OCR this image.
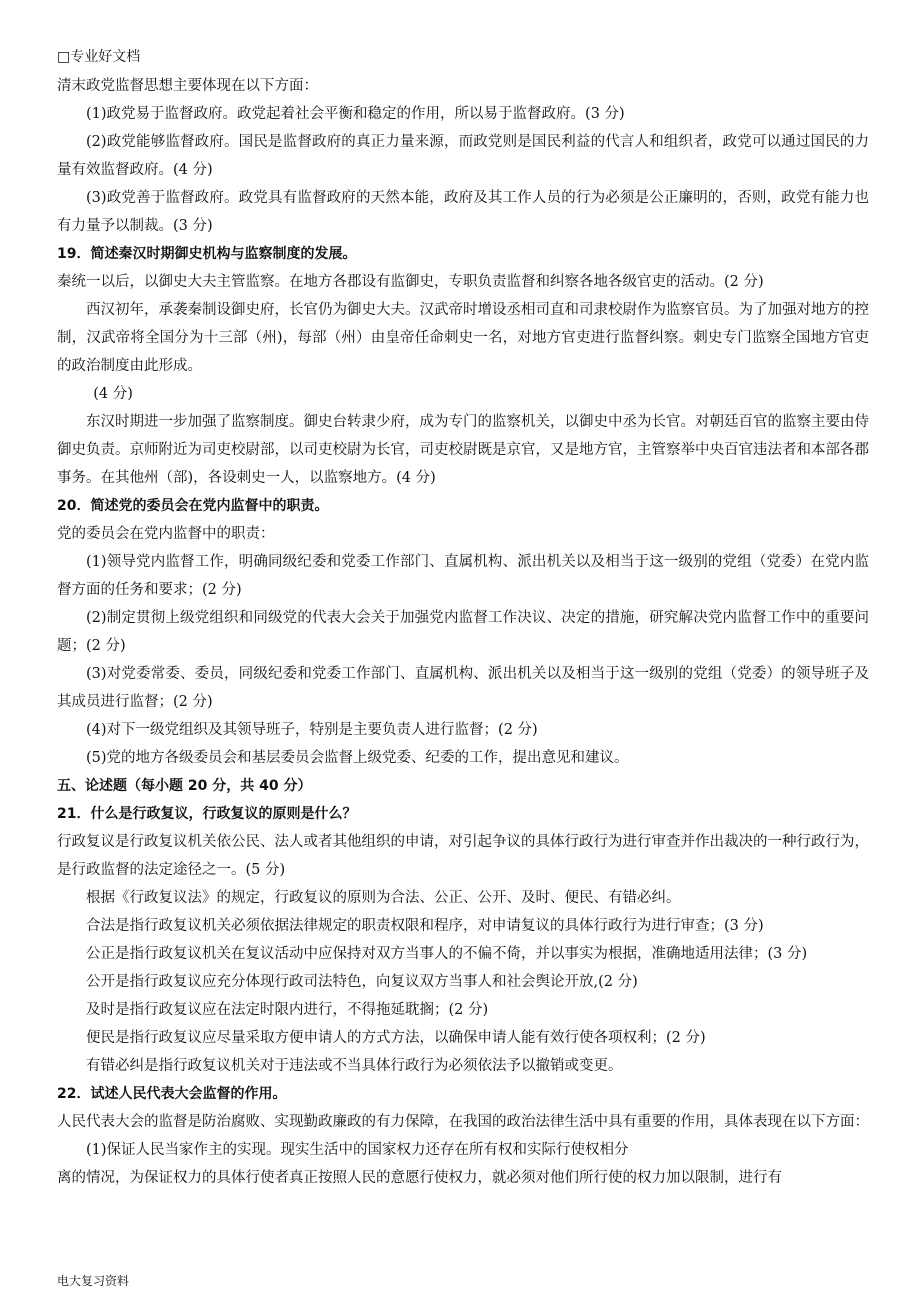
□专业好文档

清末政党监督思想主要体现在以下方面：

(1)政党易于监督政府。政党起着社会平衡和稳定的作用，所以易于监督政府。(3 分)

(2)政党能够监督政府。国民是监督政府的真正力量来源，而政党则是国民利益的代言人和组织者，政党可以通过国民的力量有效监督政府。(4 分)

(3)政党善于监督政府。政党具有监督政府的天然本能，政府及其工作人员的行为必须是公正廉明的，否则，政党有能力也有力量予以制裁。(3 分)

19．简述秦汉时期御史机构与监察制度的发展。

秦统一以后，以御史大夫主管监察。在地方各郡设有监御史，专职负责监督和纠察各地各级官吏的活动。(2 分)

西汉初年，承袭秦制设御史府，长官仍为御史大夫。汉武帝时增设丞相司直和司隶校尉作为监察官员。为了加强对地方的控制，汉武帝将全国分为十三部（州)，每部（州）由皇帝任命刺史一名，对地方官吏进行监督纠察。刺史专门监察全国地方官吏的政治制度由此形成。

(4 分)

东汉时期进一步加强了监察制度。御史台转隶少府，成为专门的监察机关，以御史中丞为长官。对朝廷百官的监察主要由侍御史负责。京师附近为司吏校尉部，以司吏校尉为长官，司吏校尉既是京官，又是地方官，主管察举中央百官违法者和本部各郡事务。在其他州（部)，各设刺史一人，以监察地方。(4 分)

20．简述党的委员会在党内监督中的职责。

党的委员会在党内监督中的职责：

(1)领导党内监督工作，明确同级纪委和党委工作部门、直属机构、派出机关以及相当于这一级别的党组（党委）在党内监督方面的任务和要求；(2 分)

(2)制定贯彻上级党组织和同级党的代表大会关于加强党内监督工作决议、决定的措施，研究解决党内监督工作中的重要问题；(2 分)

(3)对党委常委、委员，同级纪委和党委工作部门、直属机构、派出机关以及相当于这一级别的党组（党委）的领导班子及其成员进行监督；(2 分)

(4)对下一级党组织及其领导班子，特别是主要负责人进行监督；(2 分)

(5)党的地方各级委员会和基层委员会监督上级党委、纪委的工作，提出意见和建议。

五、论述题（每小题 20 分，共 40 分）

21．什么是行政复议，行政复议的原则是什么？

行政复议是行政复议机关依公民、法人或者其他组织的申请，对引起争议的具体行政行为进行审查并作出裁决的一种行政行为，是行政监督的法定途径之一。(5 分)

根据《行政复议法》的规定，行政复议的原则为合法、公正、公开、及时、便民、有错必纠。

合法是指行政复议机关必须依据法律规定的职责权限和程序，对申请复议的具体行政行为进行审查；(3 分)

公正是指行政复议机关在复议活动中应保持对双方当事人的不偏不倚，并以事实为根据，准确地适用法律；(3 分)

公开是指行政复议应充分体现行政司法特色，向复议双方当事人和社会舆论开放,(2 分)

及时是指行政复议应在法定时限内进行，不得拖延耽搁；(2 分)

便民是指行政复议应尽量采取方便申请人的方式方法，以确保申请人能有效行使各项权利；(2 分)

有错必纠是指行政复议机关对于违法或不当具体行政行为必须依法予以撤销或变更。

22．试述人民代表大会监督的作用。

人民代表大会的监督是防治腐败、实现勤政廉政的有力保障，在我国的政治法律生活中具有重要的作用，具体表现在以下方面：

(1)保证人民当家作主的实现。现实生活中的国家权力还存在所有权和实际行使权相分

离的情况，为保证权力的具体行使者真正按照人民的意愿行使权力，就必须对他们所行使的权力加以限制，进行有

电大复习资料
